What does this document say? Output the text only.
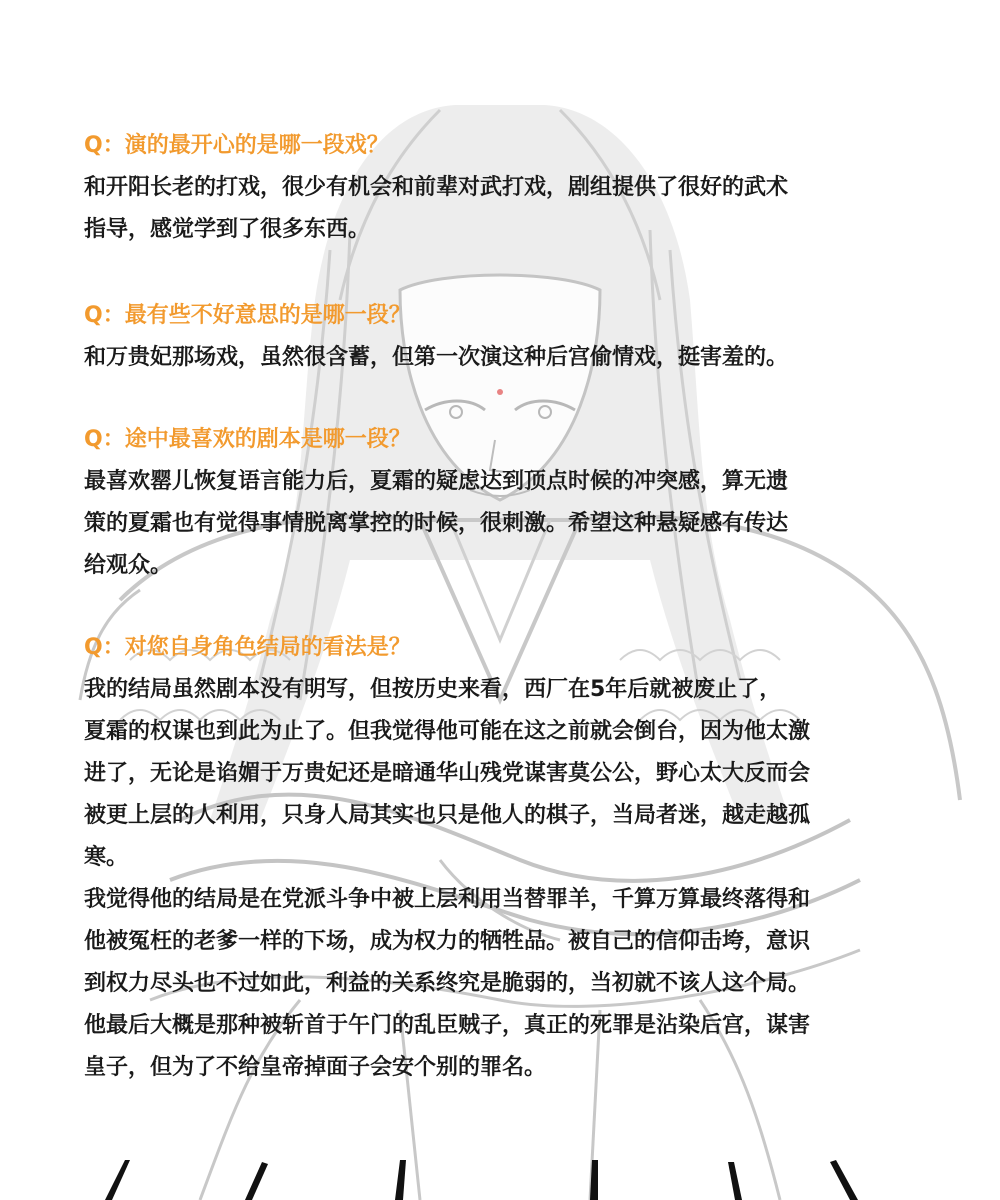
Q：演的最开心的是哪一段戏？

和开阳长老的打戏，很少有机会和前辈对武打戏，剧组提供了很好的武术

指导，感觉学到了很多东西。

Q：最有些不好意思的是哪一段？

和万贵妃那场戏，虽然很含蓄，但第一次演这种后宫偷情戏，挺害羞的。

Q：途中最喜欢的剧本是哪一段？

最喜欢罂儿恢复语言能力后，夏霜的疑虑达到顶点时候的冲突感，算无遗

策的夏霜也有觉得事情脱离掌控的时候，很刺激。希望这种悬疑感有传达

给观众。

Q：对您自身角色结局的看法是？

我的结局虽然剧本没有明写，但按历史来看，西厂在5年后就被废止了，

夏霜的权谋也到此为止了。但我觉得他可能在这之前就会倒台，因为他太激

进了，无论是谄媚于万贵妃还是暗通华山残党谋害莫公公，野心太大反而会

被更上层的人利用，只身人局其实也只是他人的棋子，当局者迷，越走越孤

寒。

我觉得他的结局是在党派斗争中被上层利用当替罪羊，千算万算最终落得和

他被冤枉的老爹一样的下场，成为权力的牺牲品。被自己的信仰击垮，意识

到权力尽头也不过如此，利益的关系终究是脆弱的，当初就不该人这个局。

他最后大概是那种被斩首于午门的乱臣贼子，真正的死罪是沾染后宫，谋害

皇子，但为了不给皇帝掉面子会安个别的罪名。
